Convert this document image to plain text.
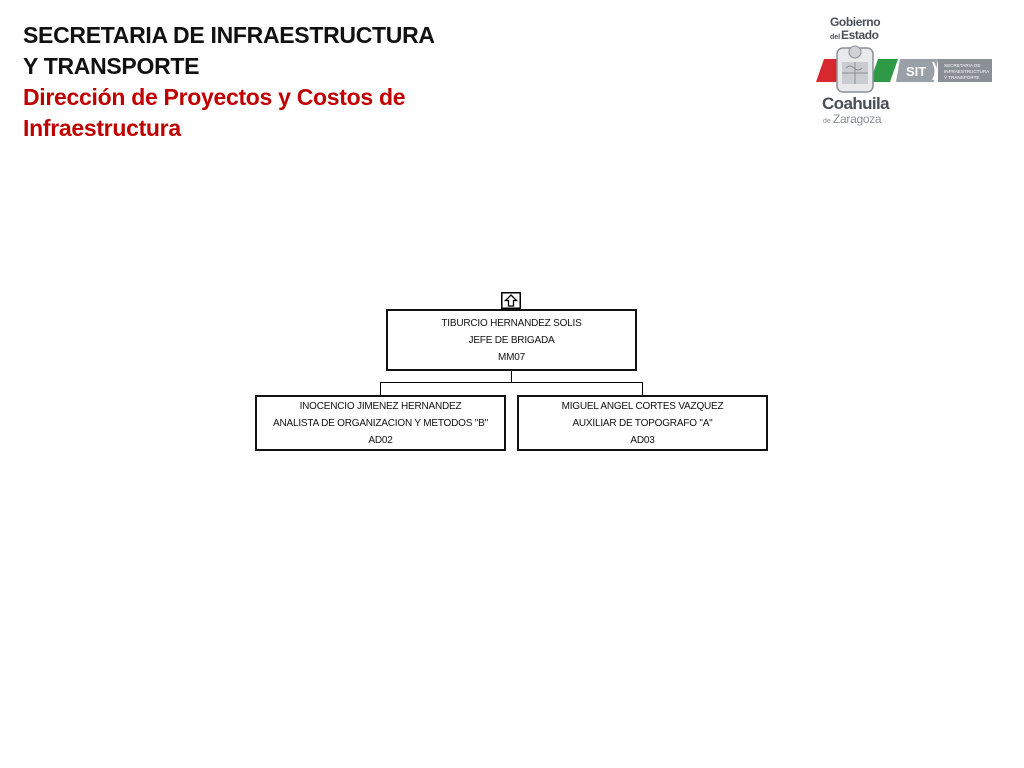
SECRETARIA DE INFRAESTRUCTURA
Y TRANSPORTE
Dirección de Proyectos y Costos de
Infraestructura
Gobierno
del Estado
SIT	SECRETARIA DE
INFRAESTRUCTURA
Y TRANSPORTE
Coahuila
de Zaragoza
TIBURCIO HERNANDEZ SOLIS
JEFE DE BRIGADA
MM07
INOCENCIO JIMENEZ HERNANDEZ
ANALISTA DE ORGANIZACION Y METODOS "B"
AD02
MIGUEL ANGEL CORTES VAZQUEZ
AUXILIAR DE TOPOGRAFO "A"
AD03
